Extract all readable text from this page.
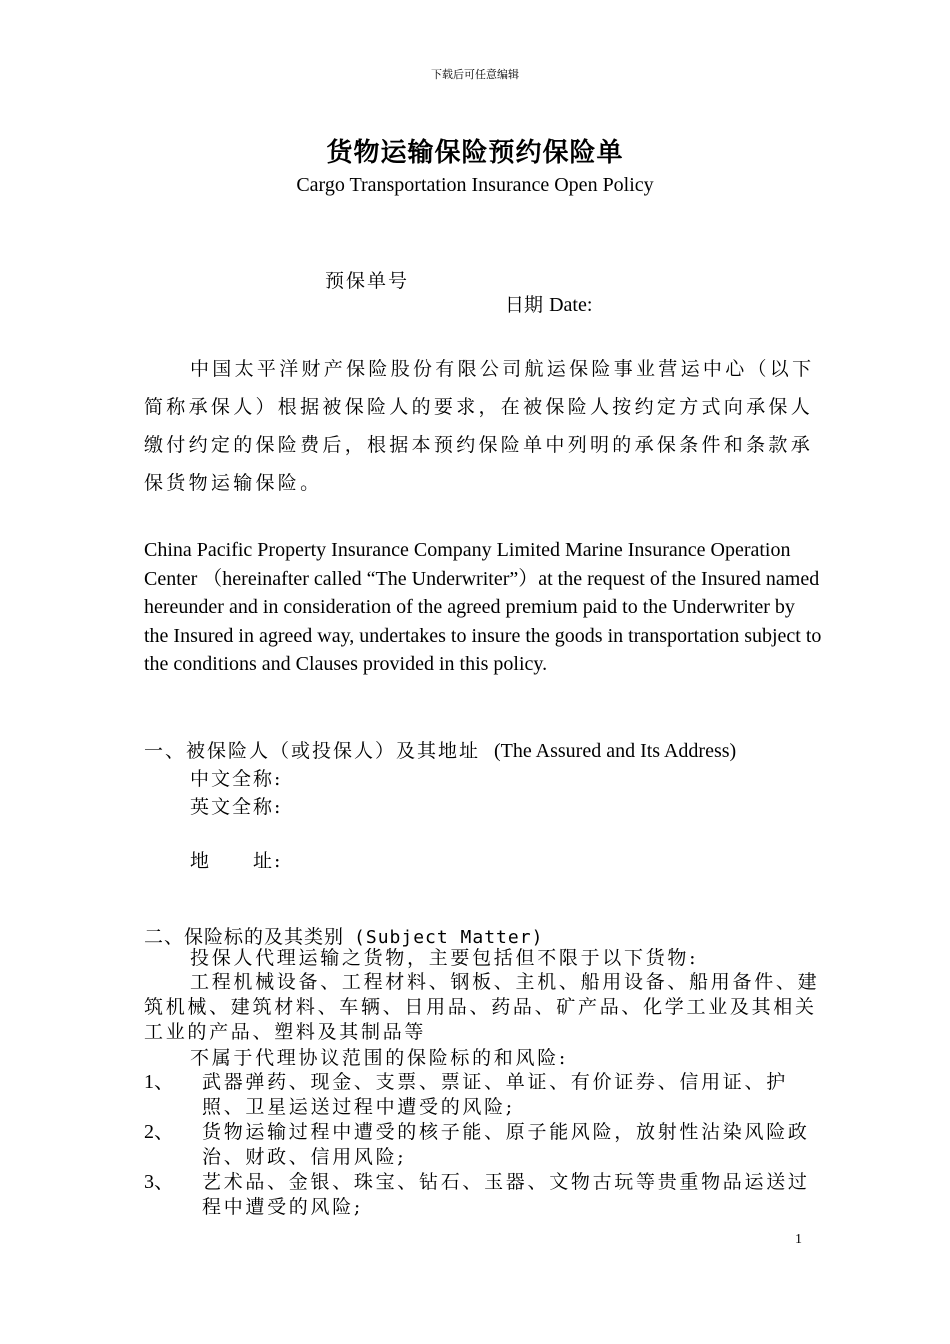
下载后可任意编辑
货物运输保险预约保险单
Cargo Transportation Insurance Open Policy
预保单号
日期 Date:
中国太平洋财产保险股份有限公司航运保险事业营运中心（以下简称承保人）根据被保险人的要求，在被保险人按约定方式向承保人缴付约定的保险费后，根据本预约保险单中列明的承保条件和条款承保货物运输保险。
China Pacific Property Insurance Company Limited Marine Insurance Operation Center （hereinafter called “The Underwriter”）at the request of the Insured named hereunder and in consideration of the agreed premium paid to the Underwriter by the Insured in agreed way, undertakes to insure the goods in transportation subject to the conditions and Clauses provided in this policy.
一、被保险人（或投保人）及其地址 (The Assured and Its Address)
中文全称:
英文全称:
地　　址:
二、保险标的及其类别 (Subject Matter)
投保人代理运输之货物，主要包括但不限于以下货物:
工程机械设备、工程材料、钢板、主机、船用设备、船用备件、建筑机械、建筑材料、车辆、日用品、药品、矿产品、化学工业及其相关工业的产品、塑料及其制品等
不属于代理协议范围的保险标的和风险:
1、 武器弹药、现金、支票、票证、单证、有价证券、信用证、护照、卫星运送过程中遭受的风险;
2、 货物运输过程中遭受的核子能、原子能风险，放射性沾染风险政治、财政、信用风险;
3、 艺术品、金银、珠宝、钻石、玉器、文物古玩等贵重物品运送过程中遭受的风险;
1
